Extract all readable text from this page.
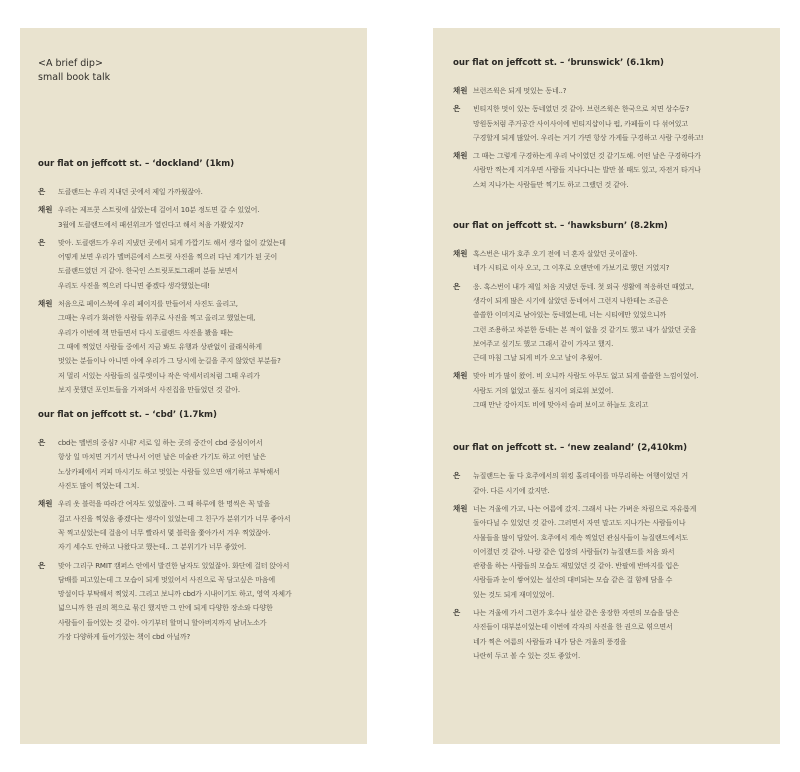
<A brief dip>
small book talk
our flat on jeffcott st. – ‘dockland’ (1km)
은	도클랜드는 우리 지내던 곳에서 제일 가까웠잖아.
채원 우리는 제프콧 스트릿에 살았는데 걸어서 10분 정도면 갈 수 있었어.
3월에 도클랜드에서 패션위크가 열린다고 해서 처음 가봤었지?
은	맞아. 도클랜드가 우리 지냈던 곳에서 되게 가깝기도 해서 생각 없이 갔었는데
어떻게 보면 우리가 멜버른에서 스트릿 사진을 찍으러 다닌 계기가 된 곳이
도클랜드였던 거 같아. 한국인 스트릿포토그래퍼 분들 보면서
우리도 사진을 찍으러 다니면 좋겠다 생각했었는데!
채원 처음으로 페이스북에 우리 페이지를 만들어서 사진도 올리고,
그때는 우리가 화려한 사람들 위주로 사진을 찍고 올리고 했었는데,
우리가 이번에 책 만들면서 다시 도클랜드 사진을 봤을 때는
그 때에 찍었던 사람들 중에서 지금 봐도 유행과 상관없이 클래식하게
멋있는 분들이나 아니면 아예 우리가 그 당시에 눈길을 주지 않았던 부분들?
저 멀리 서있는 사람들의 실루엣이나 작은 악세서리처럼 그때 우리가
보지 못했던 포인트들을 가져와서 사진집을 만들었던 것 같아.
our flat on jeffcott st. – ‘cbd’ (1.7km)
은	cbd는 멜번의 중심? 시내? 서로 일 하는 곳의 중간이 cbd 중심이어서
항상 일 마치면 거기서 만나서 어떤 날은 미술관 가기도 하고 어떤 날은
노상카페에서 커피 마시기도 하고 멋있는 사람들 있으면 얘기하고 부탁해서
사진도 많이 찍었는데 그치.
채원 우리 옷 블럭을 따라간 여자도 있었잖아. 그 때 하루에 한 명씩은 꼭 말을
걸고 사진을 찍었음 좋겠다는 생각이 있었는데 그 친구가 분위기가 너무 좋아서
꼭 찍고싶었는데 걸음이 너무 빨라서 몇 블럭을 쫓아가서 겨우 찍었잖아.
자기 세수도 안하고 나왔다고 했는데.. 그 분위기가 너무 좋았어.
은	맞아 그리구 RMIT 캠퍼스 안에서 발견한 남자도 있었잖아. 화단에 걸터 앉아서
담배를 피고있는데 그 모습이 되게 멋있어서 사진으로 꼭 담고싶은 마음에
망설이다 부탁해서 찍었지. 그리고 보니까 cbd가 시내이기도 하고, 영역 자체가
넓으니까 한 권의 책으로 묶긴 했지만 그 안에 되게 다양한 장소와 다양한
사람들이 들어있는 것 같아. 아기부터 할머니 할아버지까지 남녀노소가
가장 다양하게 들어가있는 책이 cbd 아닐까?
our flat on jeffcott st. – ‘brunswick’ (6.1km)
채원 브런즈윅은 되게 멋있는 동네..?
은	빈티지한 멋이 있는 동네였던 것 같아. 브런즈윅은 한국으로 치면 상수동?
망원동처럼 주거공간 사이사이에 빈티지샵이나 펍, 카페들이 다 섞여있고
구경할게 되게 많았어. 우리는 거기 가면 항상 가게들 구경하고 사람 구경하고!
채원 그 때는 그렇게 구경하는게 우리 낙이였던 것 같기도해. 어떤 날은 구경하다가
사람만 찍는게 지겨우면 사람들 지나다니는 발만 볼 때도 있고, 자전거 타거나
스쳐 지나가는 사람들만 찍기도 하고 그랬던 것 같아.
our flat on jeffcott st. – ‘hawksburn’ (8.2km)
채원 혹스번은 내가 호주 오기 전에 너 혼자 살았던 곳이잖아.
네가 시티로 이사 오고, 그 이후로 오랜만에 가보기로 했던 거였지?
은	응. 혹스번이 내가 제일 처음 지냈던 동네. 첫 외국 생활에 적응하던 때였고,
생각이 되게 많은 시기에 살았던 동네여서 그런지 나한테는 조금은
쓸쓸한 이미지로 남아있는 동네였는데, 너는 시티에만 있었으니까
그런 조용하고 차분한 동네는 본 적이 없을 것 같기도 했고 내가 살았던 곳을
보여주고 싶기도 했고 그래서 같이 가자고 했지.
근데 마침 그날 되게 비가 오고 날이 추웠어.
채원 맞아 비가 많이 왔어. 비 오니까 사람도 아무도 없고 되게 쓸쓸한 느낌이었어.
사람도 거의 없었고 풀도 심지어 외로워 보였어.
그때 만난 강아지도 비에 맞아서 슬퍼 보이고 하늘도 흐리고
our flat on jeffcott st. – ‘new zealand’ (2,410km)
은	뉴질랜드는 둘 다 호주에서의 워킹 홀리데이를 마무리하는 여행이었던 거
같아. 다른 시기에 갔지만.
채원 너는 겨울에 가고, 나는 여름에 갔지. 그래서 나는 가벼운 차림으로 자유롭게
돌아다닐 수 있었던 것 같아. 그러면서 자연 말고도 지나가는 사람들이나
사물들을 많이 담았어. 호주에서 계속 찍었던 관심사들이 뉴질랜드에서도
이어졌던 것 같아. 나랑 같은 입장의 사람들(?) 뉴질랜드를 처음 와서
관광을 하는 사람들의 모습도 재밌었던 것 같아. 반팔에 반바지를 입은
사람들과 눈이 쌓여있는 설산의 대비되는 모습 같은 걸 함께 담을 수
있는 것도 되게 재미있었어.
은	나는 겨울에 가서 그런가 호수나 설산 같은 웅장한 자연의 모습을 담은
사진들이 대부분이었는데 이번에 각자의 사진을 한 권으로 엮으면서
네가 찍은 여름의 사람들과 내가 담은 겨울의 풍경을
나란히 두고 볼 수 있는 것도 좋았어.
